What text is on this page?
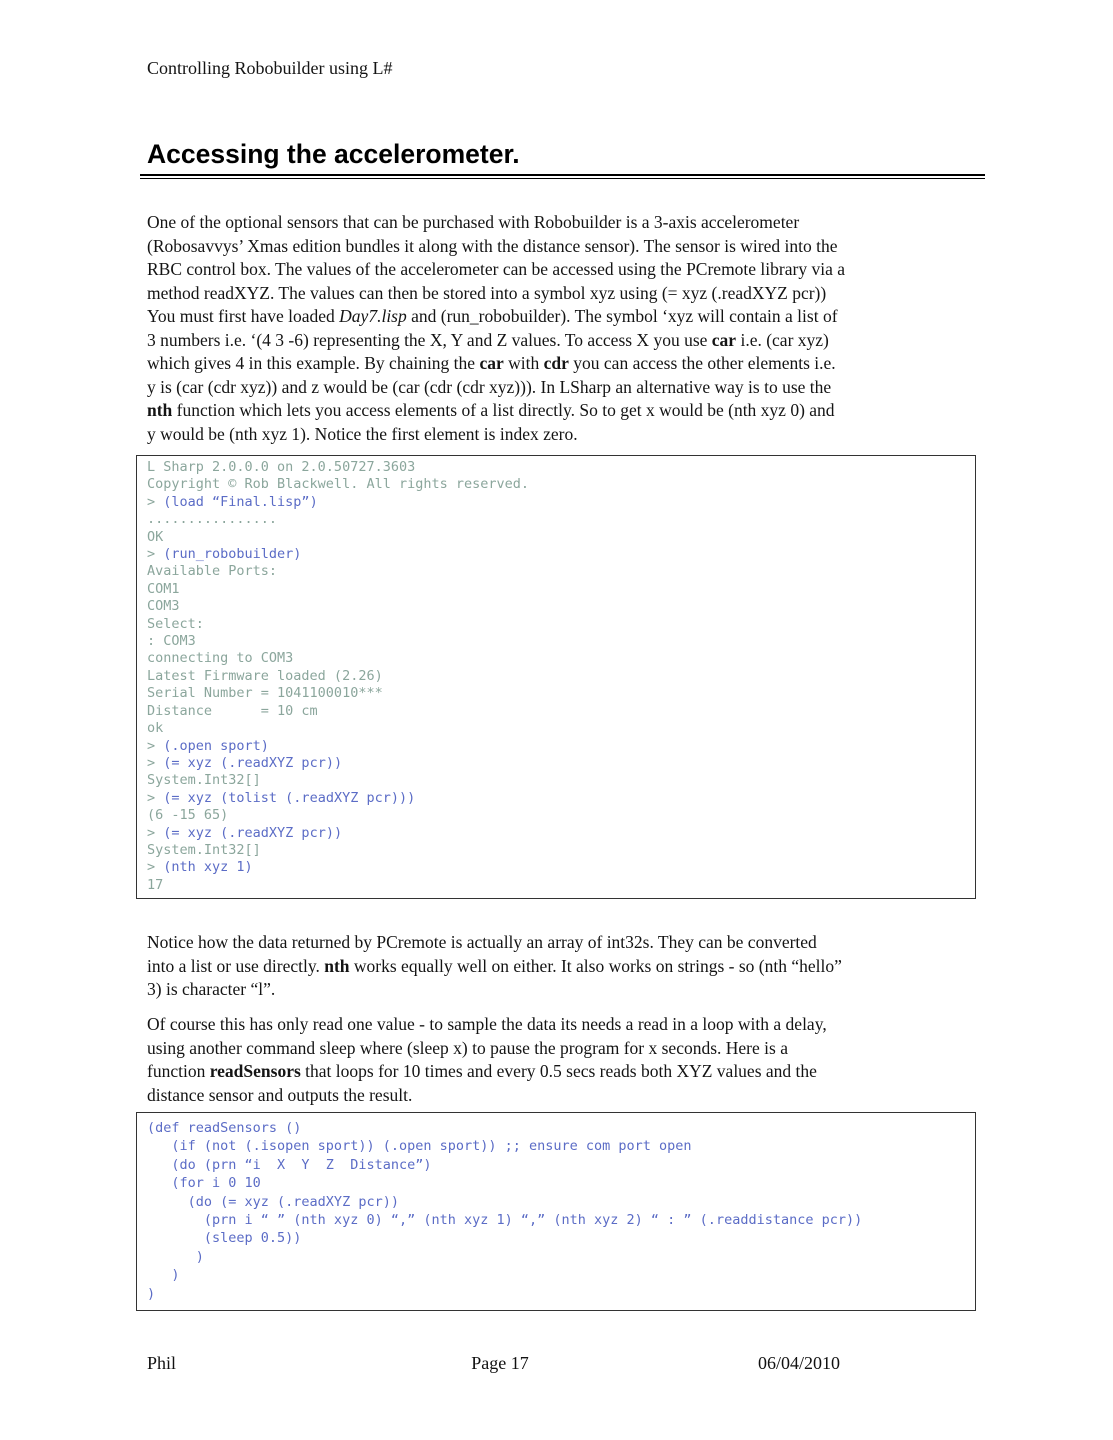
Controlling Robobuilder using L#
Accessing the accelerometer.

One of the optional sensors that can be purchased with Robobuilder is a 3-axis accelerometer
(Robosavvys’ Xmas edition bundles it along with the distance sensor). The sensor is wired into the
RBC control box. The values of the accelerometer can be accessed using the PCremote library via a
method readXYZ. The values can then be stored into a symbol xyz using (= xyz (.readXYZ pcr))
You must first have loaded Day7.lisp and (run_robobuilder). The symbol ‘xyz will contain a list of
3 numbers i.e. ‘(4 3 -6) representing the X, Y and Z values. To access X you use car i.e. (car xyz)
which gives 4 in this example. By chaining the car with cdr you can access the other elements i.e.
y is (car (cdr xyz)) and z would be (car (cdr (cdr xyz))). In LSharp an alternative way is to use the
nth function which lets you access elements of a list directly. So to get x would be (nth xyz 0) and
y would be (nth xyz 1). Notice the first element is index zero.

L Sharp 2.0.0.0 on 2.0.50727.3603
Copyright © Rob Blackwell. All rights reserved.
> (load “Final.lisp”)
................
OK
> (run_robobuilder)
Available Ports:
COM1
COM3
Select:
: COM3
connecting to COM3
Latest Firmware loaded (2.26)
Serial Number = 1041100010***
Distance      = 10 cm
ok
> (.open sport)
> (= xyz (.readXYZ pcr))
System.Int32[]
> (= xyz (tolist (.readXYZ pcr)))
(6 -15 65)
> (= xyz (.readXYZ pcr))
System.Int32[]
> (nth xyz 1)
17

Notice how the data returned by PCremote is actually an array of int32s. They can be converted
into a list or use directly. nth works equally well on either. It also works on strings - so (nth “hello”
3) is character “l”.

Of course this has only read one value - to sample the data its needs a read in a loop with a delay,
using another command sleep where (sleep x) to pause the program for x seconds. Here is a
function readSensors that loops for 10 times and every 0.5 secs reads both XYZ values and the
distance sensor and outputs the result.

(def readSensors ()
(if (not (.isopen sport)) (.open sport)) ;; ensure com port open
(do (prn “i  X  Y  Z  Distance”)
(for i 0 10
(do (= xyz (.readXYZ pcr))
(prn i “ ” (nth xyz 0) “,” (nth xyz 1) “,” (nth xyz 2) “ : ” (.readdistance pcr))
(sleep 0.5))
)
)
)
Phil	Page 17	06/04/2010
